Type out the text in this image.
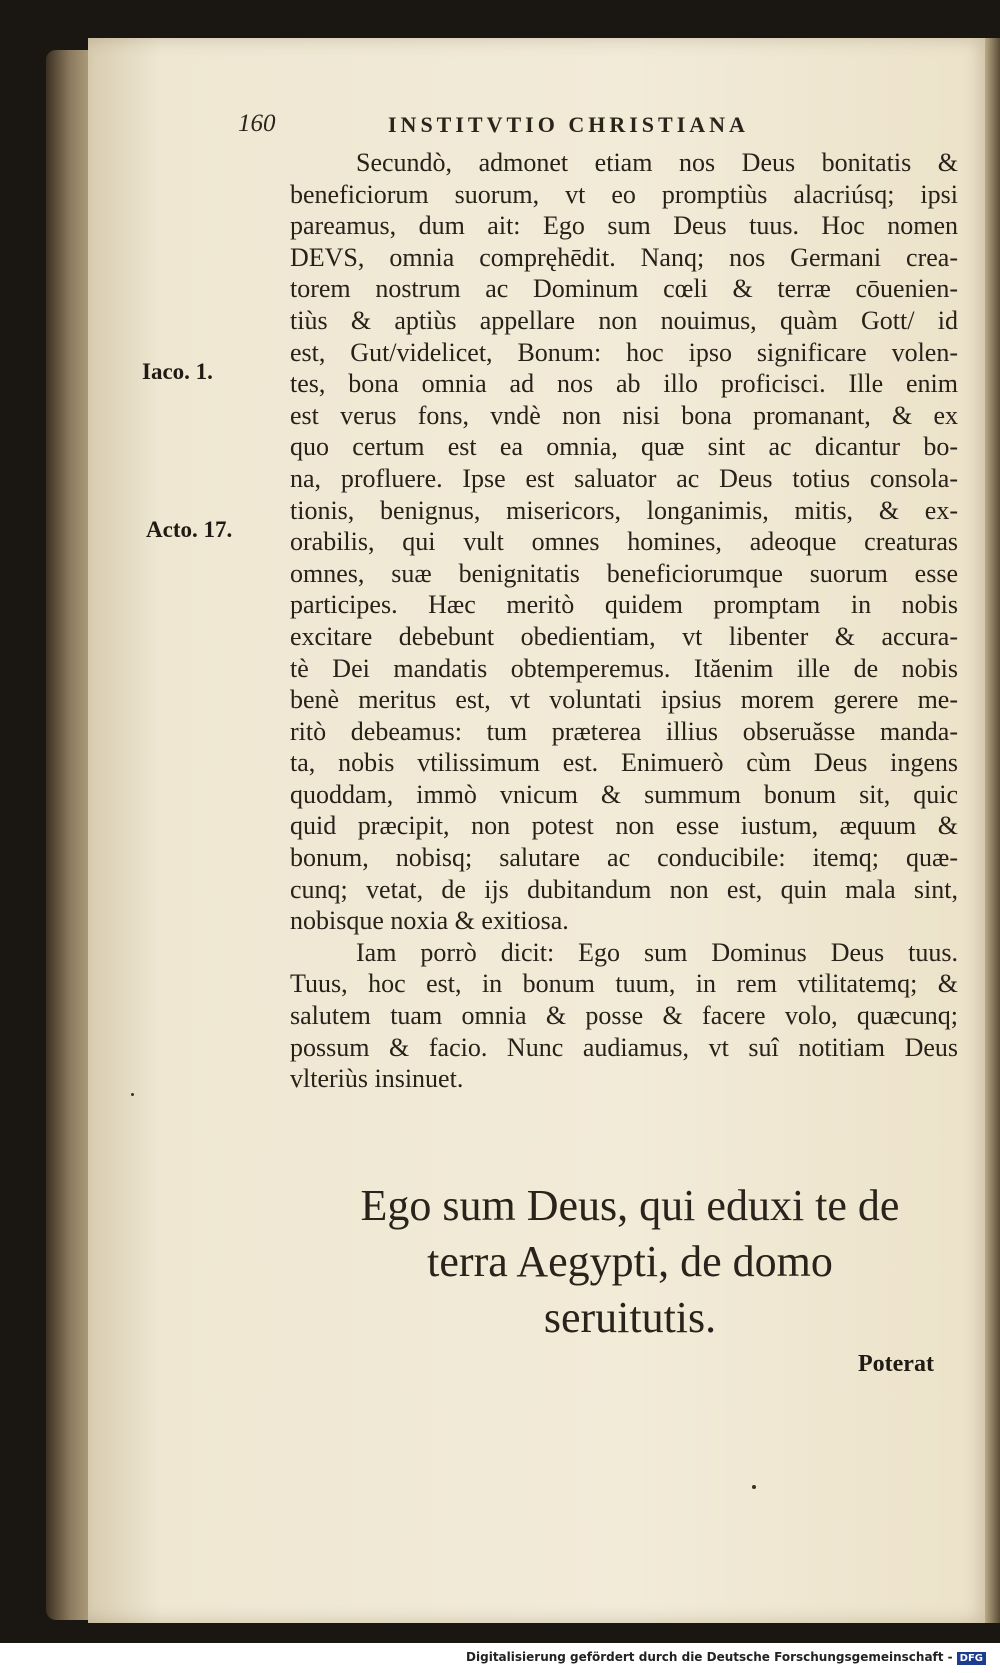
160	INSTITVTIO CHRISTIANA
Iaco. 1.
Acto. 17.
Secundò, admonet etiam nos Deus bonitatis &
beneficiorum suorum, vt eo promptiùs alacriúsq; ipsi
pareamus, dum ait: Ego sum Deus tuus. Hoc nomen
DEVS, omnia compręhēdit. Nanq; nos Germani crea-
torem nostrum ac Dominum cœli & terræ cōuenien-
tiùs & aptiùs appellare non nouimus, quàm Gott/ id
est, Gut/videlicet, Bonum: hoc ipso significare volen-
tes, bona omnia ad nos ab illo proficisci. Ille enim
est verus fons, vndè non nisi bona promanant, & ex
quo certum est ea omnia, quæ sint ac dicantur bo-
na, profluere. Ipse est saluator ac Deus totius consola-
tionis, benignus, misericors, longanimis, mitis, & ex-
orabilis, qui vult omnes homines, adeoque creaturas
omnes, suæ benignitatis beneficiorumque suorum esse
participes. Hæc meritò quidem promptam in nobis
excitare debebunt obedientiam, vt libenter & accura-
tè Dei mandatis obtemperemus. Ităenim ille de nobis
benè meritus est, vt voluntati ipsius morem gerere me-
ritò debeamus: tum præterea illius obseruăsse manda-
ta, nobis vtilissimum est. Enimuerò cùm Deus ingens
quoddam, immò vnicum & summum bonum sit, quic
quid præcipit, non potest non esse iustum, æquum &
bonum, nobisq; salutare ac conducibile: itemq; quæ-
cunq; vetat, de ijs dubitandum non est, quin mala sint,
nobisque noxia & exitiosa.
Iam porrò dicit: Ego sum Dominus Deus tuus.
Tuus, hoc est, in bonum tuum, in rem vtilitatemq; &
salutem tuam omnia & posse & facere volo, quæcunq;
possum & facio. Nunc audiamus, vt suî notitiam Deus
vlteriùs insinuet.
Ego sum Deus, qui eduxi te de
terra Aegypti, de domo
seruitutis.
Poterat
Digitalisierung gefördert durch die Deutsche Forschungsgemeinschaft - DFG
